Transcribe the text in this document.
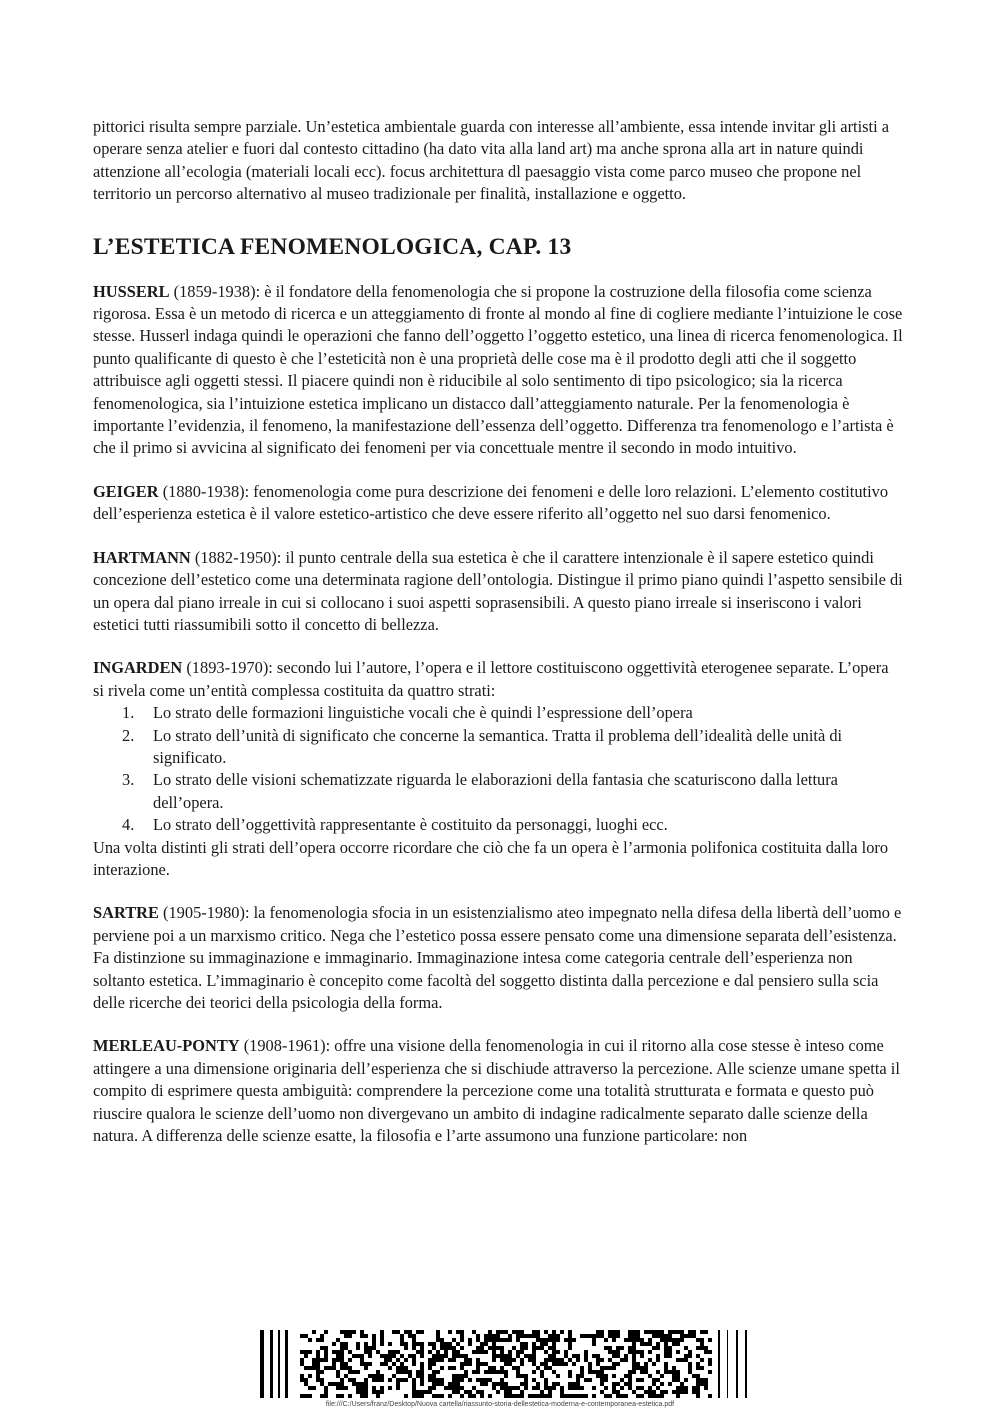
pittorici risulta sempre parziale. Un’estetica ambientale guarda con interesse all’ambiente, essa intende invitar gli artisti a operare senza atelier e fuori dal contesto cittadino (ha dato vita alla land art) ma anche sprona alla art in nature quindi attenzione all’ecologia (materiali locali ecc). focus architettura dl paesaggio vista come parco museo che propone nel territorio un percorso alternativo al museo tradizionale per finalità, installazione e oggetto.

L’ESTETICA FENOMENOLOGICA, CAP. 13

HUSSERL (1859-1938): è il fondatore della fenomenologia che si propone la costruzione della filosofia come scienza rigorosa. Essa è un metodo di ricerca e un atteggiamento di fronte al mondo al fine di cogliere mediante l’intuizione le cose stesse. Husserl indaga quindi le operazioni che fanno dell’oggetto l’oggetto estetico, una linea di ricerca fenomenologica. Il punto qualificante di questo è che l’esteticità non è una proprietà delle cose ma è il prodotto degli atti che il soggetto attribuisce agli oggetti stessi. Il piacere quindi non è riducibile al solo sentimento di tipo psicologico; sia la ricerca fenomenologica, sia l’intuizione estetica implicano un distacco dall’atteggiamento naturale. Per la fenomenologia è importante l’evidenzia, il fenomeno, la manifestazione dell’essenza dell’oggetto. Differenza tra fenomenologo e l’artista è che il primo si avvicina al significato dei fenomeni per via concettuale mentre il secondo in modo intuitivo.

GEIGER (1880-1938): fenomenologia come pura descrizione dei fenomeni e delle loro relazioni. L’elemento costitutivo dell’esperienza estetica è il valore estetico-artistico che deve essere riferito all’oggetto nel suo darsi fenomenico.

HARTMANN (1882-1950): il punto centrale della sua estetica è che il carattere intenzionale è il sapere estetico quindi concezione dell’estetico come una determinata ragione dell’ontologia. Distingue il primo piano quindi l’aspetto sensibile di un opera dal piano irreale in cui si collocano i suoi aspetti soprasensibili. A questo piano irreale si inseriscono i valori estetici tutti riassumibili sotto il concetto di bellezza.

INGARDEN (1893-1970): secondo lui l’autore, l’opera e il lettore costituiscono oggettività eterogenee separate. L’opera si rivela come un’entità complessa costituita da quattro strati:

1. Lo strato delle formazioni linguistiche vocali che è quindi l’espressione dell’opera
2. Lo strato dell’unità di significato che concerne la semantica. Tratta il problema dell’idealità delle unità di significato.
3. Lo strato delle visioni schematizzate riguarda le elaborazioni della fantasia che scaturiscono dalla lettura dell’opera.
4. Lo strato dell’oggettività rappresentante è costituito da personaggi, luoghi ecc.

Una volta distinti gli strati dell’opera occorre ricordare che ciò che fa un opera è l’armonia polifonica costituita dalla loro interazione.

SARTRE (1905-1980): la fenomenologia sfocia in un esistenzialismo ateo impegnato nella difesa della libertà dell’uomo e perviene poi a un marxismo critico. Nega che l’estetico possa essere pensato come una dimensione separata dell’esistenza. Fa distinzione su immaginazione e immaginario. Immaginazione intesa come categoria centrale dell’esperienza non soltanto estetica. L’immaginario è concepito come facoltà del soggetto distinta dalla percezione e dal pensiero sulla scia delle ricerche dei teorici della psicologia della forma.

MERLEAU-PONTY (1908-1961): offre una visione della fenomenologia in cui il ritorno alla cose stesse è inteso come attingere a una dimensione originaria dell’esperienza che si dischiude attraverso la percezione. Alle scienze umane spetta il compito di esprimere questa ambiguità: comprendere la percezione come una totalità strutturata e formata e questo può riuscire qualora le scienze dell’uomo non divergevano un ambito di indagine radicalmente separato dalle scienze della natura. A differenza delle scienze esatte, la filosofia e l’arte assumono una funzione particolare: non

file:///C:/Users/franz/Desktop/Nuova cartella/riassunto-storia-dellestetica-moderna-e-contemporanea-estetica.pdf
